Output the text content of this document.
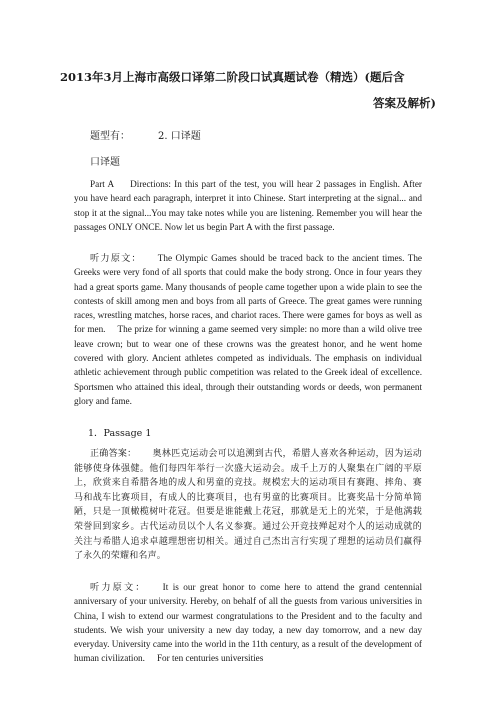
2013年3月上海市高级口译第二阶段口试真题试卷（精选）(题后含
答案及解析)
题型有：	2. 口译题
口译题

Part A Directions: In this part of the test, you will hear 2 passages in English. After you have heard each paragraph, interpret it into Chinese. Start interpreting at the signal... and stop it at the signal...You may take notes while you are listening. Remember you will hear the passages ONLY ONCE. Now let us begin Part A with the first passage.

听力原文： The Olympic Games should be traced back to the ancient times. The Greeks were very fond of all sports that could make the body strong. Once in four years they had a great sports game. Many thousands of people came together upon a wide plain to see the contests of skill among men and boys from all parts of Greece. The great games were running races, wrestling matches, horse races, and chariot races. There were games for boys as well as for men. The prize for winning a game seemed very simple: no more than a wild olive tree leave crown; but to wear one of these crowns was the greatest honor, and he went home covered with glory. Ancient athletes competed as individuals. The emphasis on individual athletic achievement through public competition was related to the Greek ideal of excellence. Sportsmen who attained this ideal, through their outstanding words or deeds, won permanent glory and fame.

1．Passage 1

正确答案： 奥林匹克运动会可以追溯到古代，希腊人喜欢各种运动，因为运动能够使身体强健。他们每四年举行一次盛大运动会。成千上万的人聚集在广阔的平原上，欣赏来自希腊各地的成人和男童的竞技。规模宏大的运动项目有赛跑、摔角、赛马和战车比赛项目，有成人的比赛项目，也有男童的比赛项目。比赛奖品十分简单简陋，只是一顶橄榄树叶花冠。但要是谁能戴上花冠，那就是无上的光荣，于是他满载荣誉回到家乡。古代运动员以个人名义参赛。通过公开竞技殚起对个人的运动成就的关注与希腊人追求卓越理想密切相关。通过自己杰出言行实现了理想的运动员们赢得了永久的荣耀和名声。

听力原文： It is our great honor to come here to attend the grand centennial anniversary of your university. Hereby, on behalf of all the guests from various universities in China, I wish to extend our warmest congratulations to the President and to the faculty and students. We wish your university a new day today, a new day tomorrow, and a new day everyday. University came into the world in the 11th century, as a result of the development of human civilization. For ten centuries universities
